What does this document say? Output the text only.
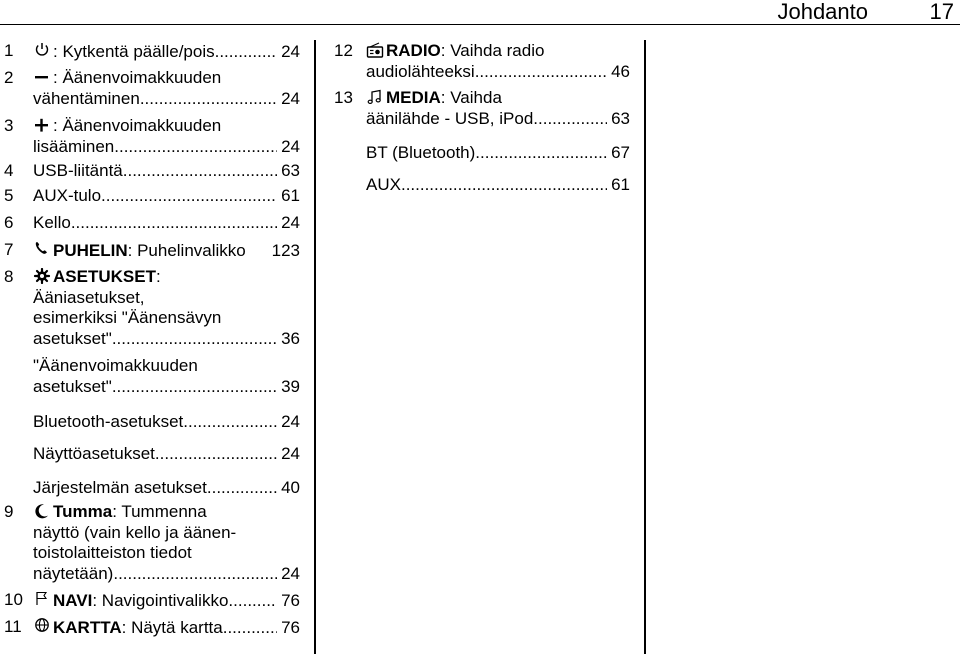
Johdanto	17
1 : Kytkentä päälle/pois .....	24
2	: Äänenvoimakkuuden
vähentäminen .....	24
3	: Äänenvoimakkuuden
lisääminen .....	24
4 USB-liitäntä .....	63
5 AUX-tulo .....	61
6 Kello .....	24
7 PUHELIN : Puhelinvalikko 123
8	ASETUKSET:
Ääniasetukset,
esimerkiksi "Äänensävyn
asetukset" .....	36
"Äänenvoimakkuuden
asetukset" .....	39
Bluetooth-asetukset .....	24
Näyttöasetukset .....	24
Järjestelmän asetukset .....	40
9	Tumma: Tummenna
näyttö (vain kello ja äänen‐
toistolaitteiston tiedot
näytetään) .....	24
10 NAVI : Navigointivalikko .....	76
11 KARTTA : Näytä kartta .....	76
12	RADIO: Vaihda radio
audiolähteeksi .....	46
13	MEDIA: Vaihda
äänilähde - USB, iPod .....	63
BT (Bluetooth) .....	67
AUX .....	61
